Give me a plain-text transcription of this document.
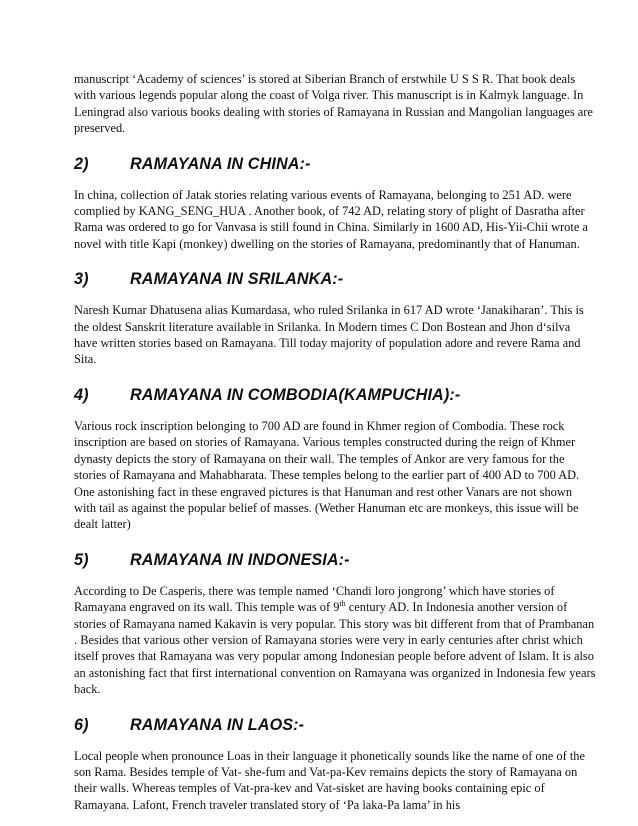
manuscript ‘Academy of sciences’ is stored at Siberian Branch of erstwhile U S S R. That book deals with various legends popular along the coast of Volga river. This manuscript is in Kalmyk language. In Leningrad also various books dealing with stories of Ramayana in Russian and Mangolian languages are preserved.

2)	RAMAYANA IN CHINA:-

In china, collection of Jatak stories relating various events of Ramayana, belonging to 251 AD. were complied by KANG_SENG_HUA . Another book, of 742 AD, relating story of plight of Dasratha after Rama was ordered to go for Vanvasa is still found in China. Similarly in 1600 AD, His-Yii-Chii wrote a novel with title Kapi (monkey) dwelling on the stories of Ramayana, predominantly that of Hanuman.

3)	RAMAYANA IN SRILANKA:-

Naresh Kumar Dhatusena alias Kumardasa, who ruled Srilanka in 617 AD wrote ‘Janakiharan’. This is the oldest Sanskrit literature available in Srilanka. In Modern times C Don Bostean and Jhon d‘silva have written stories based on Ramayana. Till today majority of population adore and revere Rama and Sita.

4)	RAMAYANA IN COMBODIA(KAMPUCHIA):-

Various rock inscription belonging to 700 AD are found in Khmer region of Combodia. These rock inscription are based on stories of Ramayana. Various temples constructed during the reign of Khmer dynasty depicts the story of Ramayana on their wall. The temples of Ankor are very famous for the stories of Ramayana and Mahabharata. These temples belong to the earlier part of 400 AD to 700 AD. One astonishing fact in these engraved pictures is that Hanuman and rest other Vanars are not shown with tail as against the popular belief of masses. (Wether Hanuman etc are monkeys, this issue will be dealt latter)

5)	RAMAYANA IN INDONESIA:-

According to De Casperis, there was temple named ‘Chandi loro jongrong’ which have stories of Ramayana engraved on its wall. This temple was of 9th century AD. In Indonesia another version of stories of Ramayana named Kakavin is very popular. This story was bit different from that of Prambanan . Besides that various other version of Ramayana stories were very in early centuries after christ which itself proves that Ramayana was very popular among Indonesian people before advent of Islam. It is also an astonishing fact that first international convention on Ramayana was organized in Indonesia few years back.

6)	RAMAYANA IN LAOS:-

Local people when pronounce Loas in their language it phonetically sounds like the name of one of the son Rama. Besides temple of Vat- she-fum and Vat-pa-Kev remains depicts the story of Ramayana on their walls. Whereas temples of Vat-pra-kev and Vat-sisket are having books containing epic of Ramayana. Lafont, French traveler translated story of ‘Pa laka-Pa lama’ in his
